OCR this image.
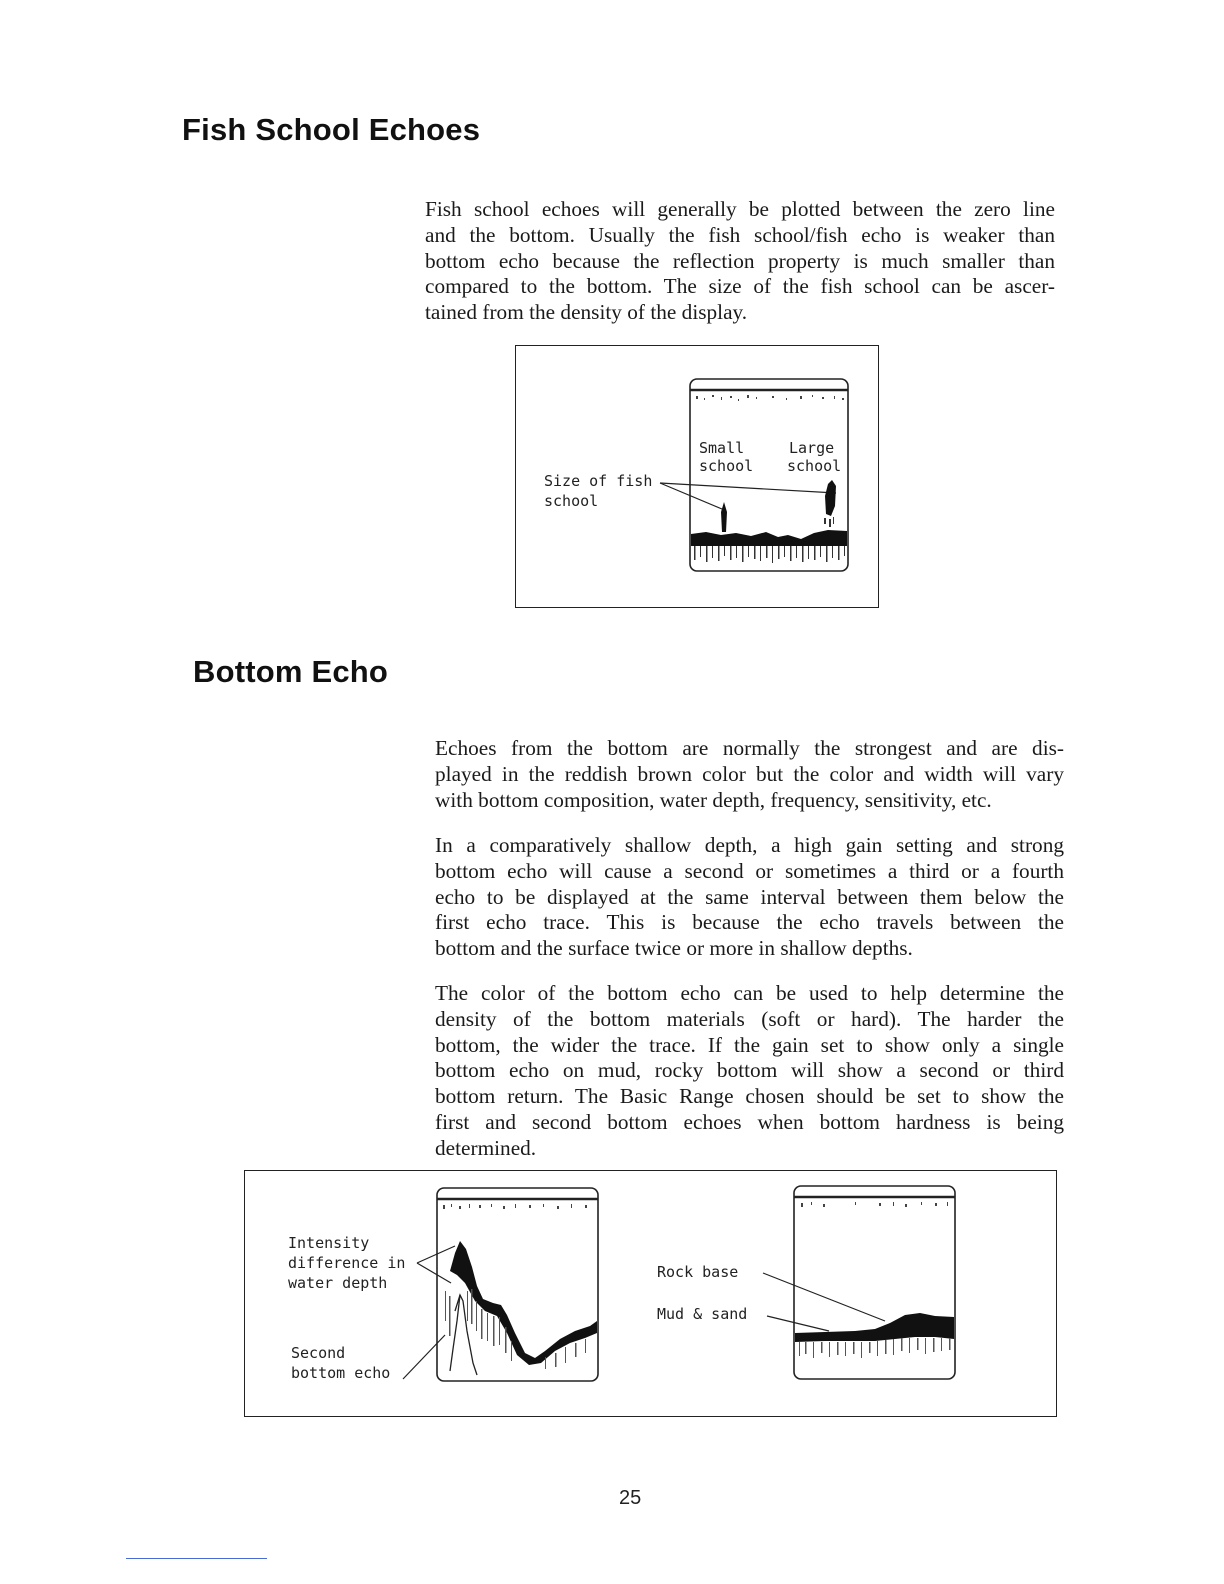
Fish School Echoes

Fish school echoes will generally be plotted between the zero line
and the bottom. Usually the fish school/fish echo is weaker than
bottom echo because the reflection property is much smaller than
compared to the bottom. The size of the fish school can be ascer-
tained from the density of the display.

Small
school
Large
school
Size of fish
school
Bottom Echo

Echoes from the bottom are normally the strongest and are dis-
played in the reddish brown color but the color and width will vary
with bottom composition, water depth, frequency, sensitivity, etc.

In a comparatively shallow depth, a high gain setting and strong
bottom echo will cause a second or sometimes a third or a fourth
echo to be displayed at the same interval between them below the
first echo trace. This is because the echo travels between the
bottom and the surface twice or more in shallow depths.

The color of the bottom echo can be used to help determine the
density of the bottom materials (soft or hard). The harder the
bottom, the wider the trace. If the gain set to show only a single
bottom echo on mud, rocky bottom will show a second or third
bottom return. The Basic Range chosen should be set to show the
first and second bottom echoes when bottom hardness is being
determined.

Intensity
difference in
water depth
Second
bottom echo
Rock base
Mud & sand
25
